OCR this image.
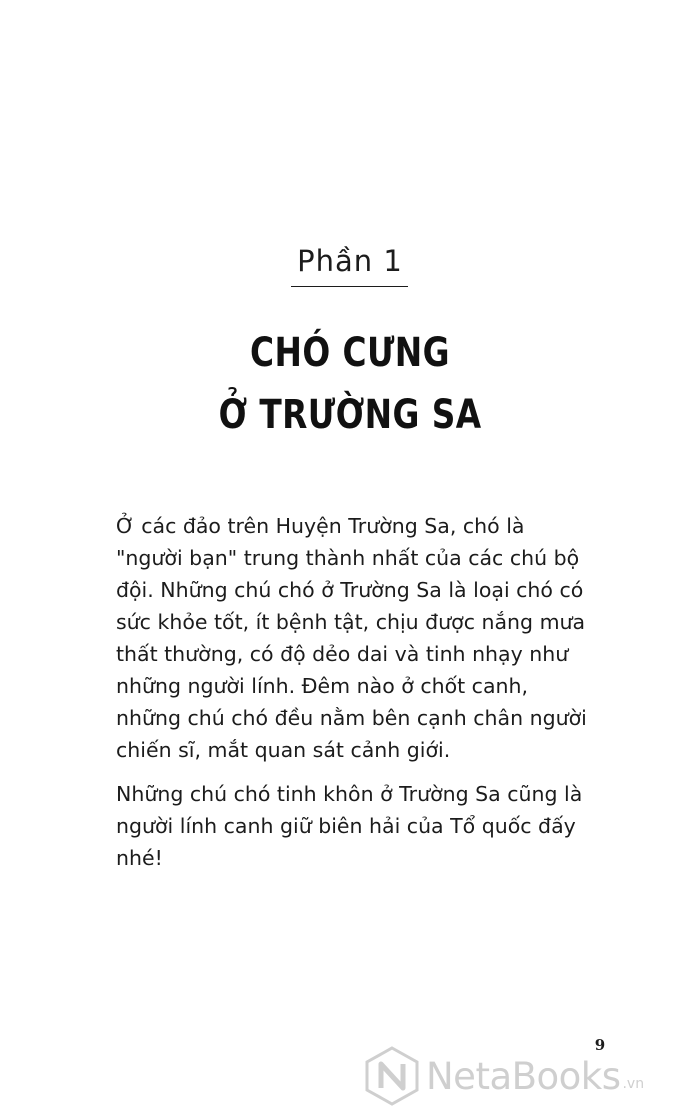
Phần 1
CHÓ CƯNG
Ở TRƯỜNG SA

Ở các đảo trên Huyện Trường Sa, chó là "người bạn" trung thành nhất của các chú bộ đội. Những chú chó ở Trường Sa là loại chó có sức khỏe tốt, ít bệnh tật, chịu được nắng mưa thất thường, có độ dẻo dai và tinh nhạy như những người lính. Đêm nào ở chốt canh, những chú chó đều nằm bên cạnh chân người chiến sĩ, mắt quan sát cảnh giới.

Những chú chó tinh khôn ở Trường Sa cũng là người lính canh giữ biên hải của Tổ quốc đấy nhé!

9
NetaBooks .vn
